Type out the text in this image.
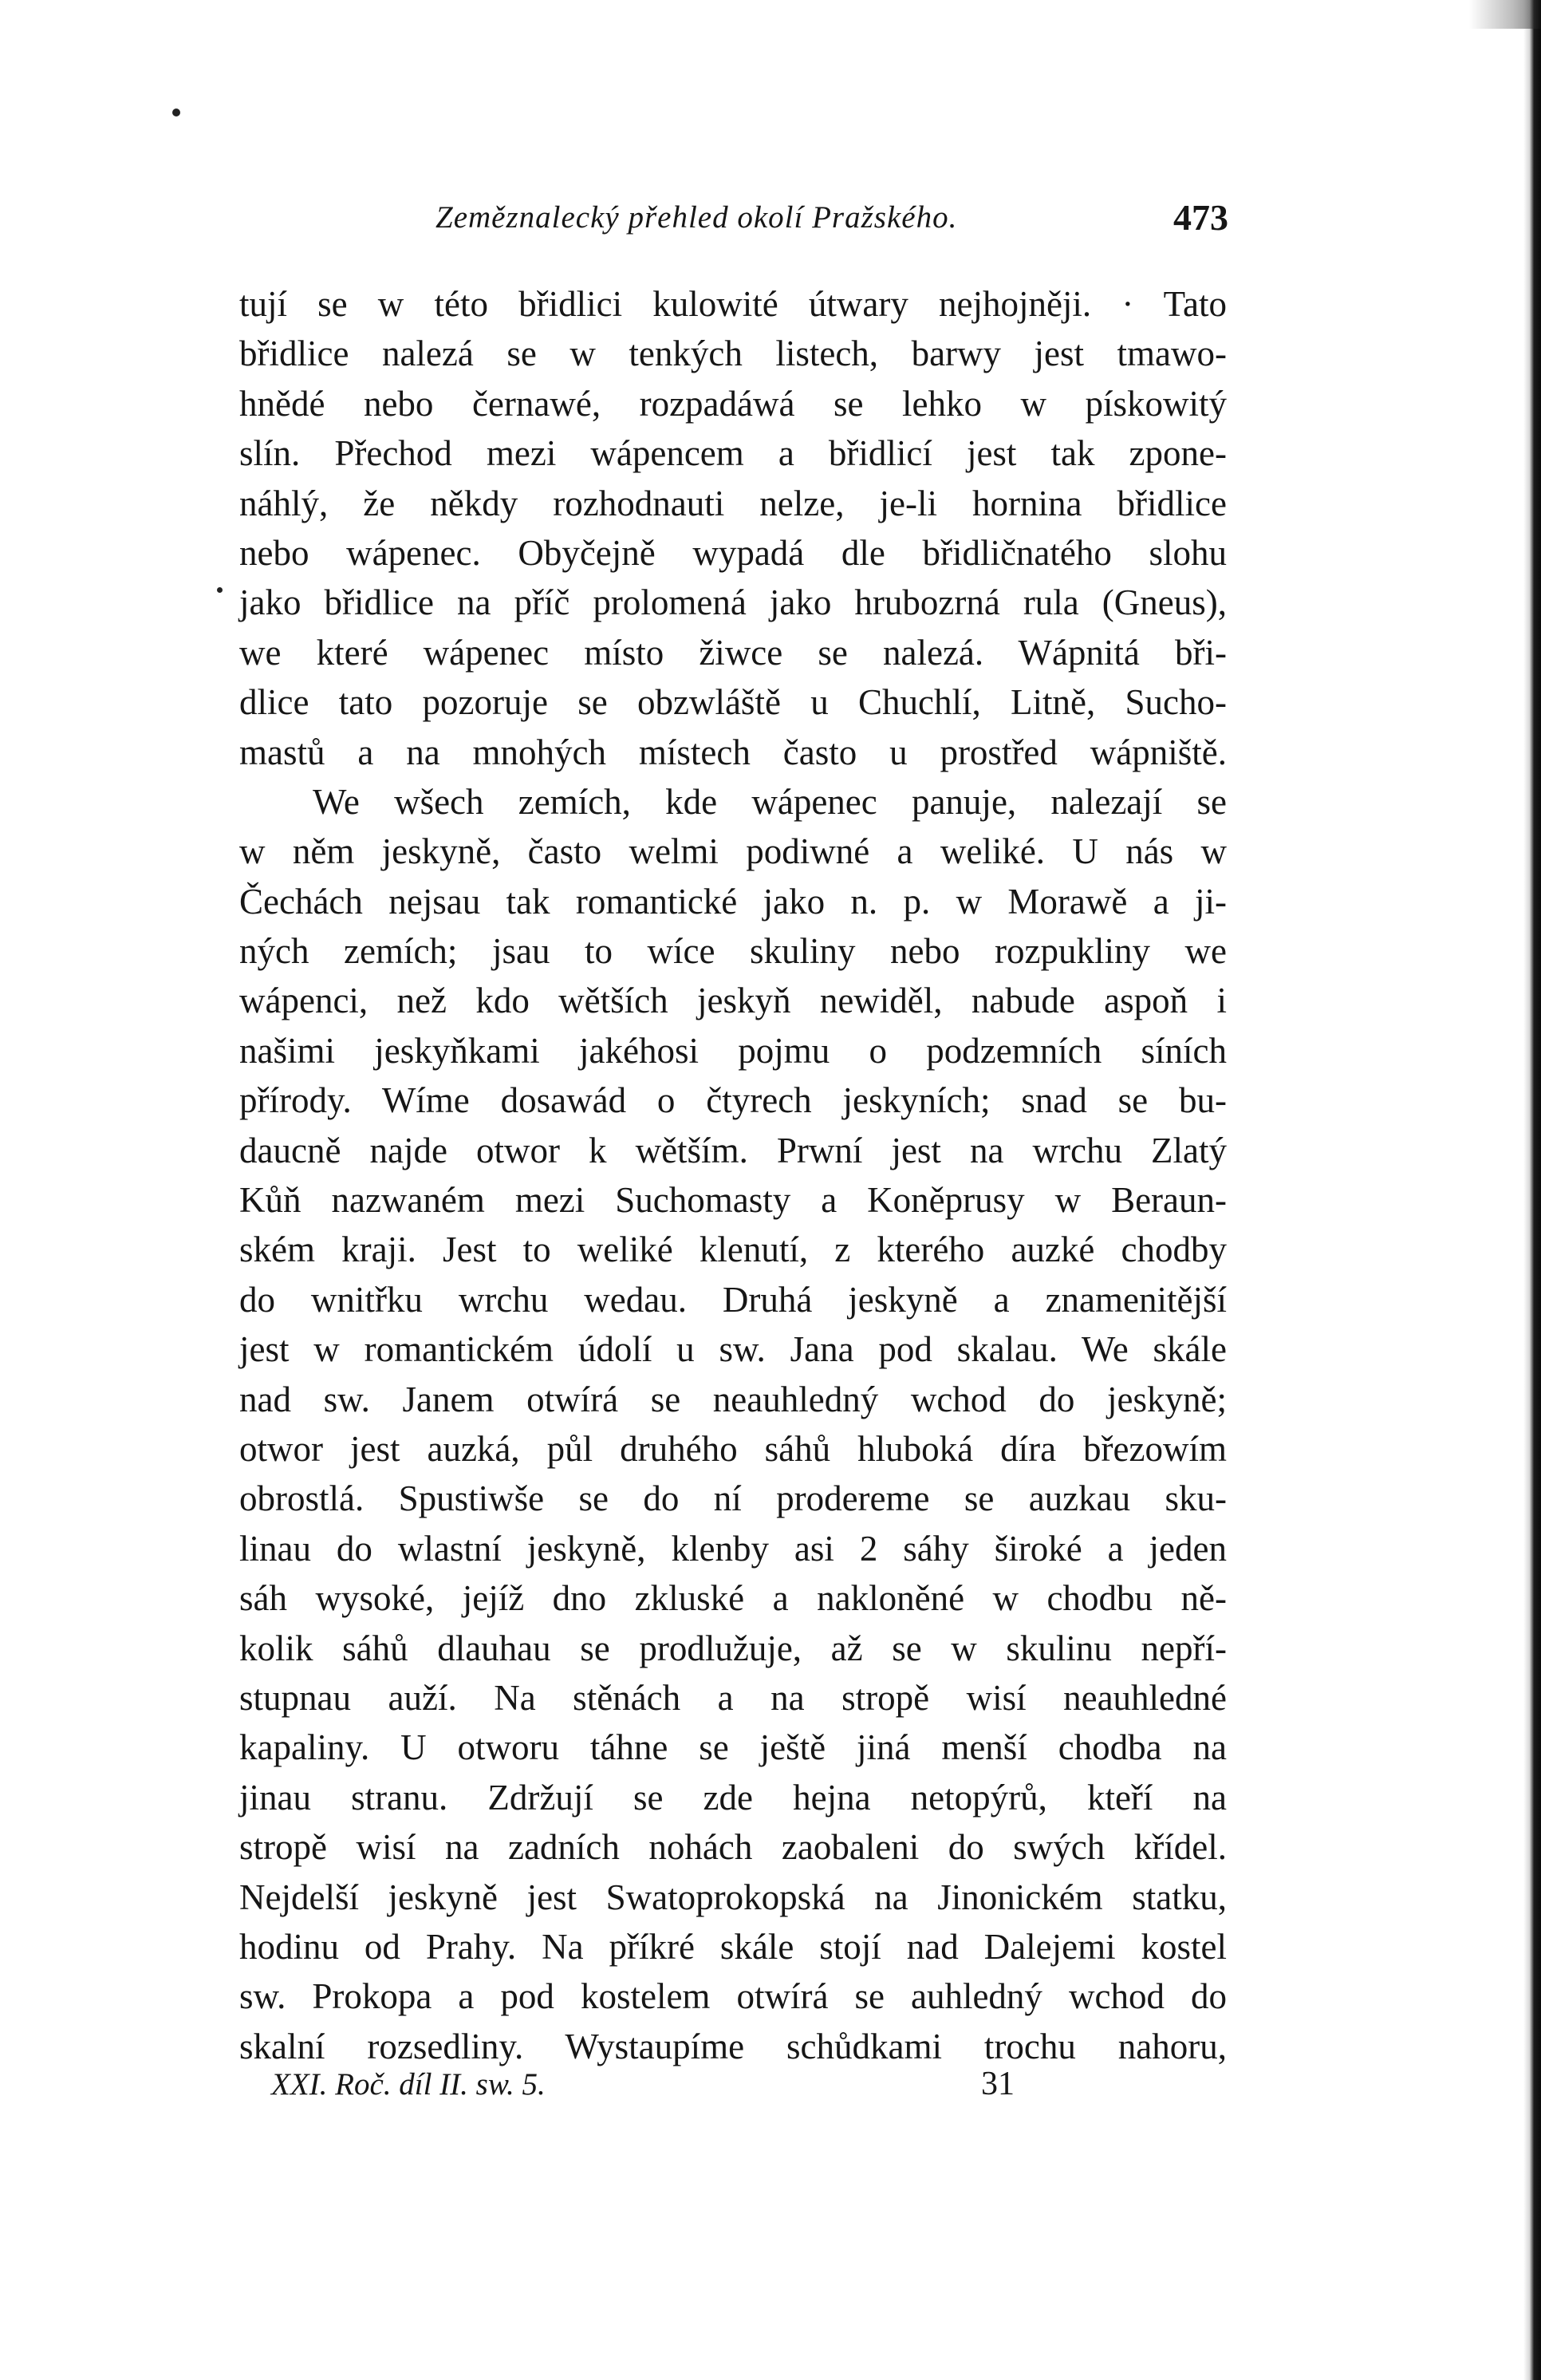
Zeměznalecký přehled okolí Pražského.	473
tují se w této břidlici kulowité útwary nejhojněji. · Tato
břidlice nalezá se w tenkých listech, barwy jest tmawo-
hnědé nebo černawé, rozpadáwá se lehko w pískowitý
slín. Přechod mezi wápencem a břidlicí jest tak zpone-
náhlý, že někdy rozhodnauti nelze, je-li hornina břidlice
nebo wápenec. Obyčejně wypadá dle břidličnatého slohu
jako břidlice na příč prolomená jako hrubozrná rula (Gneus),
we které wápenec místo žiwce se nalezá. Wápnitá bři-
dlice tato pozoruje se obzwláště u Chuchlí, Litně, Sucho-
mastů a na mnohých místech často u prostřed wápniště.
We wšech zemích, kde wápenec panuje, nalezají se
w něm jeskyně, často welmi podiwné a weliké. U nás w
Čechách nejsau tak romantické jako n. p. w Morawě a ji-
ných zemích; jsau to wíce skuliny nebo rozpukliny we
wápenci, než kdo wětších jeskyň newiděl, nabude aspoň i
našimi jeskyňkami jakéhosi pojmu o podzemních síních
přírody. Wíme dosawád o čtyrech jeskyních; snad se bu-
daucně najde otwor k wětším. Prwní jest na wrchu Zlatý
Kůň nazwaném mezi Suchomasty a Koněprusy w Beraun-
ském kraji. Jest to weliké klenutí, z kterého auzké chodby
do wnitřku wrchu wedau. Druhá jeskyně a znamenitější
jest w romantickém údolí u sw. Jana pod skalau. We skále
nad sw. Janem otwírá se neauhledný wchod do jeskyně;
otwor jest auzká, půl druhého sáhů hluboká díra březowím
obrostlá. Spustiwše se do ní prodereme se auzkau sku-
linau do wlastní jeskyně, klenby asi 2 sáhy široké a jeden
sáh wysoké, jejíž dno zkluské a nakloněné w chodbu ně-
kolik sáhů dlauhau se prodlužuje, až se w skulinu nepří-
stupnau auží. Na stěnách a na stropě wisí neauhledné
kapaliny. U otworu táhne se ještě jiná menší chodba na
jinau stranu. Zdržují se zde hejna netopýrů, kteří na
stropě wisí na zadních nohách zaobaleni do swých křídel.
Nejdelší jeskyně jest Swatoprokopská na Jinonickém statku,
hodinu od Prahy. Na příkré skále stojí nad Dalejemi kostel
sw. Prokopa a pod kostelem otwírá se auhledný wchod do
skalní rozsedliny. Wystaupíme schůdkami trochu nahoru,
XXI. Roč. díl II. sw. 5.	31
